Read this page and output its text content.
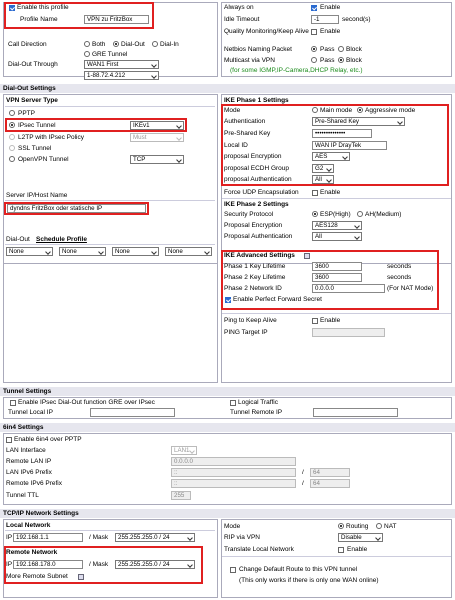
Enable this profile
Profile Name	VPN zu FritzBox
Call Direction	Both Dial-Out Dial-In
GRE Tunnel
Dial-Out Through	WAN1 First
1-88.72.4.212
Always on	Enable
Idle Timeout	-1	second(s)
Quality Monitoring/Keep Alive Enable
Netbios Naming Packet	Pass Block
Multicast via VPN	Pass Block
(for some IGMP,IP-Camera,DHCP Relay, etc.)
Dial-Out Settings
VPN Server Type
PPTP
IPsec Tunnel	IKEv1
L2TP with IPsec Policy	Must
SSL Tunnel
OpenVPN Tunnel	TCP
Server IP/Host Name
dyndns FritzBox oder statische IP
Dial-Out Schedule Profile
None	None	None	None
IKE Phase 1 Settings
Mode	Main mode Aggressive mode
Authentication	Pre-Shared Key
Pre-Shared Key	••••••••••••••
Local ID	WAN IP DrayTek
proposal Encryption	AES
proposal ECDH Group	G2
proposal Authentication	All
Force UDP Encapsulation	Enable
IKE Phase 2 Settings
Security Protocol	ESP(High) AH(Medium)
Proposal Encryption	AES128
Proposal Authentication	All
IKE Advanced Settings
Phase 1 Key Lifetime	3600	seconds
Phase 2 Key Lifetime	3600	seconds
Phase 2 Network ID	0.0.0.0	(For NAT Mode)
Enable Perfect Forward Secret
Ping to Keep Alive	Enable
PING Target IP
Tunnel Settings
Enable IPsec Dial-Out function GRE over IPsec	Logical Traffic
Tunnel Local IP	Tunnel Remote IP
6in4 Settings
Enable 6in4 over PPTP
LAN Interface	LAN1
Remote LAN IP	0.0.0.0
LAN IPv6 Prefix	::	/	64
Remote IPv6 Prefix	::	/	64
Tunnel TTL	255
TCP/IP Network Settings
Local Network
IP 192.168.1.1	/ Mask	255.255.255.0 / 24
Remote Network
IP 192.168.178.0	/ Mask	255.255.255.0 / 24
More Remote Subnet
Mode	Routing NAT
RIP via VPN	Disable
Translate Local Network	Enable
Change Default Route to this VPN tunnel
(This only works if there is only one WAN online)
